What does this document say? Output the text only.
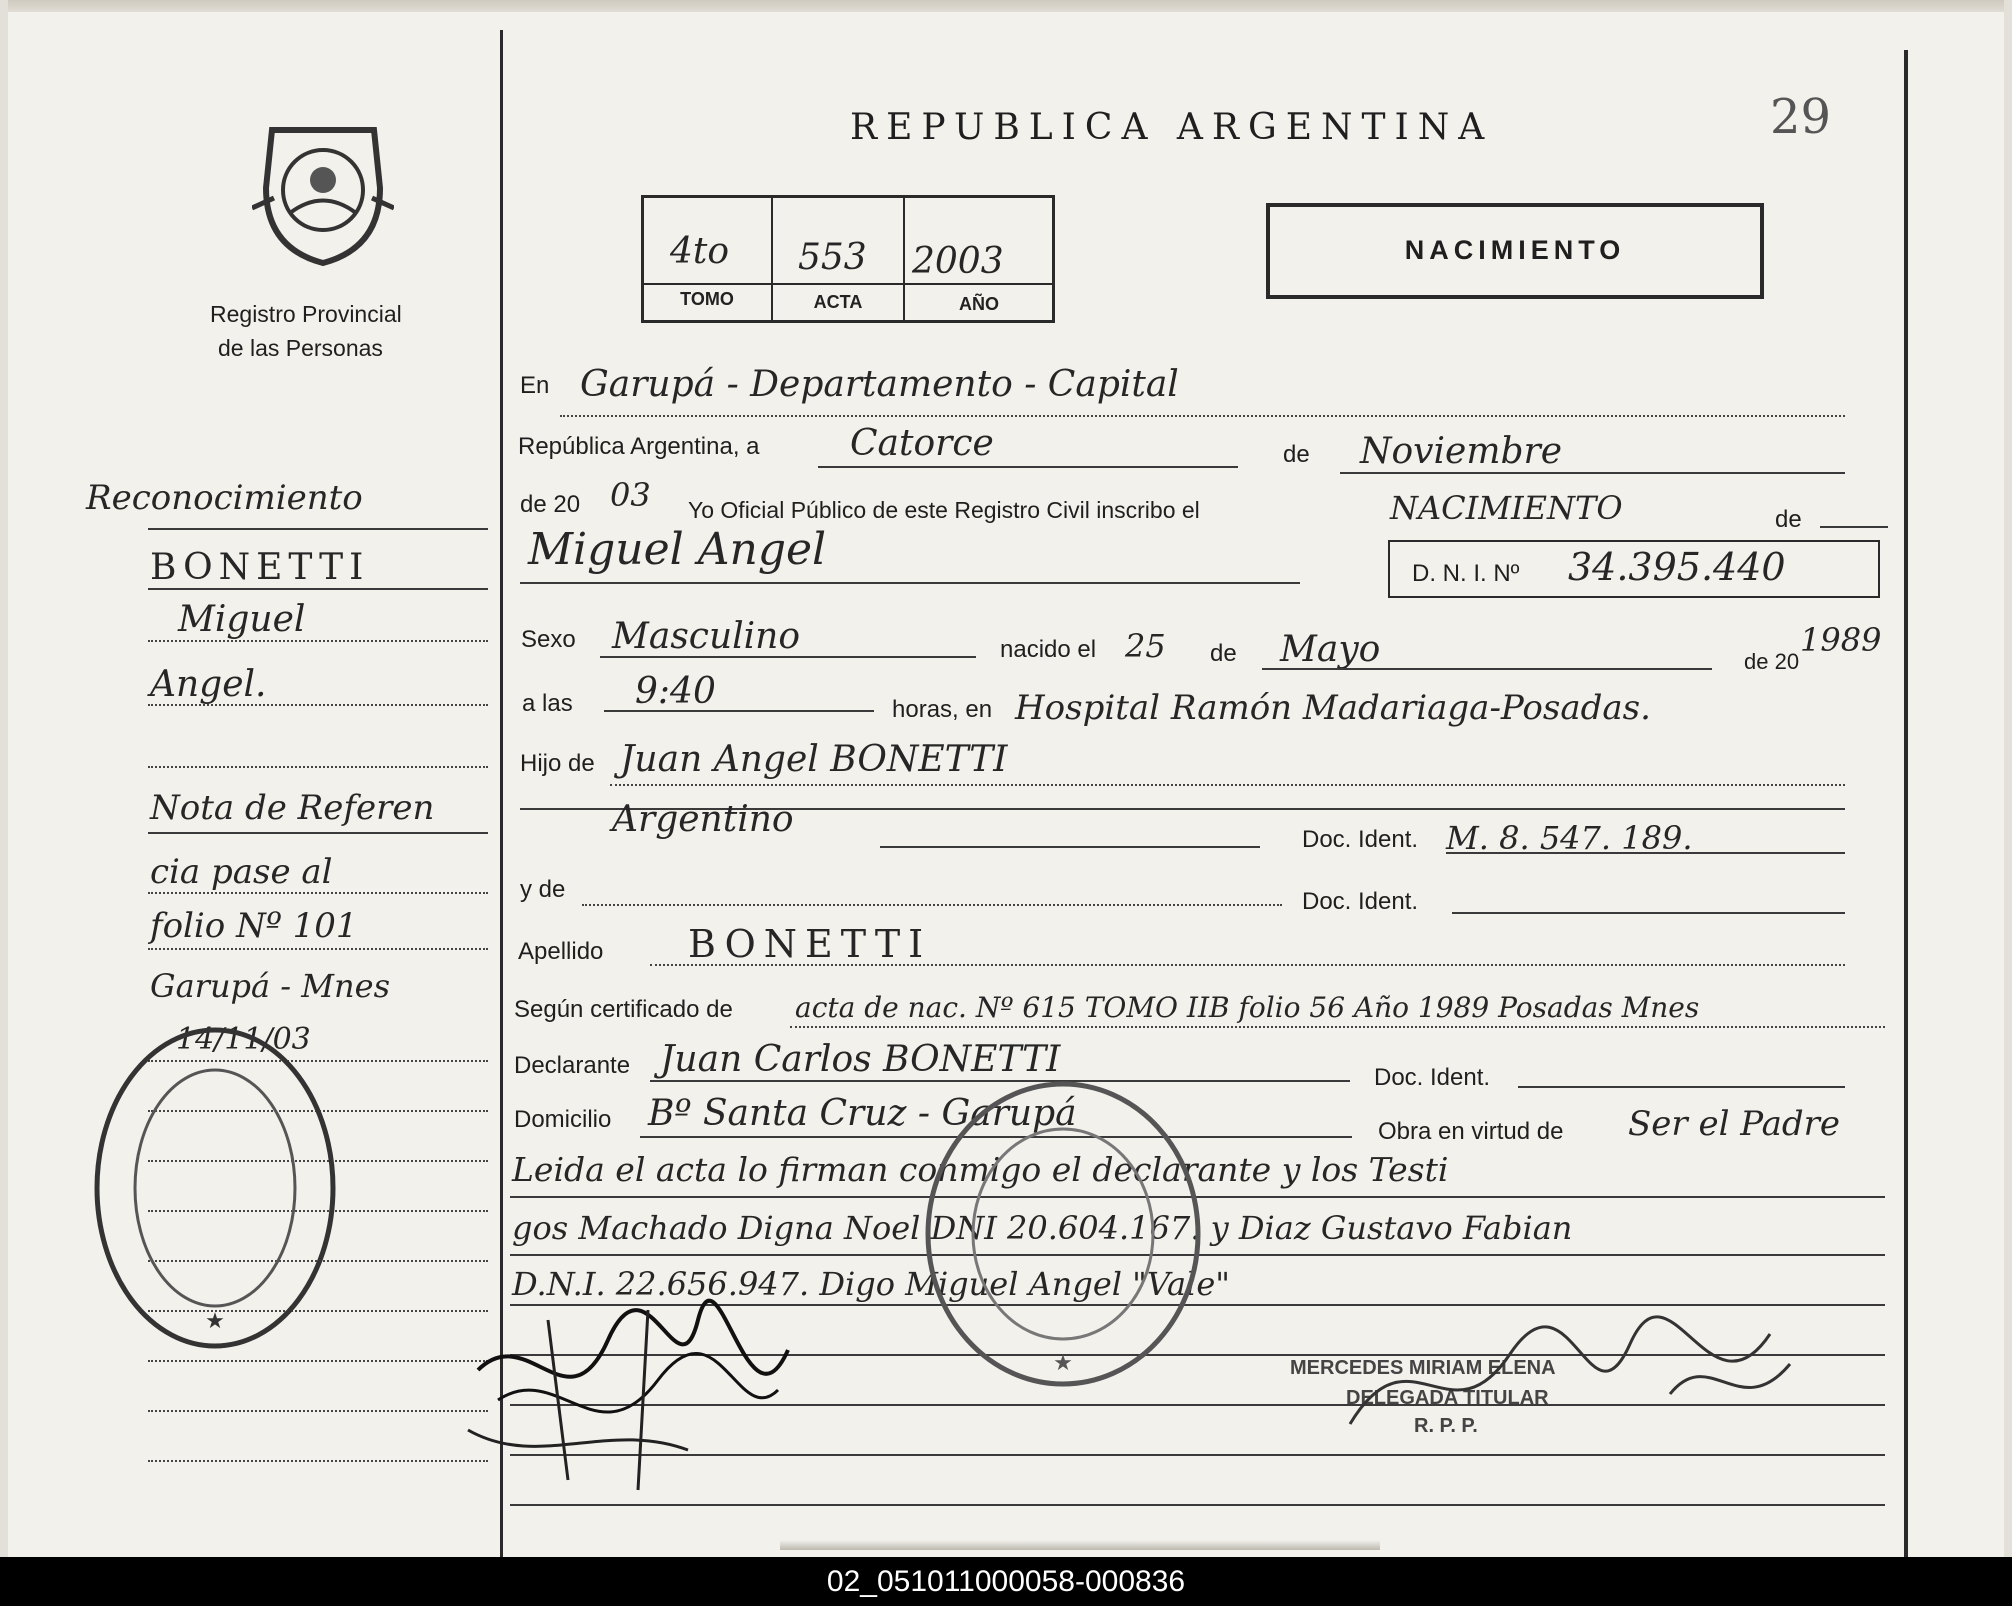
Registro Provincial
de las Personas
REPUBLICA ARGENTINA	29
4to 553 2003
TOMO	ACTA	AÑO
NACIMIENTO
En Garupá - Departamento - Capital
República Argentina, a	Catorce	de Noviembre
de 20 03 Yo Oficial Público de este Registro Civil inscribo el	NACIMIENTO	de
Miguel Angel	D. N. I. Nº 34.395.440
Sexo Masculino	nacido el 25 de Mayo	de 20
1989
a las 9:40	horas, en Hospital Ramón Madariaga-Posadas.
Hijo de Juan Angel BONETTI
Argentino	Doc. Ident. M. 8. 547. 189.
y de	Doc. Ident.
Apellido BONETTI
Según certificado de acta de nac. Nº 615 TOMO IIB folio 56 Año 1989 Posadas Mnes
Declarante Juan Carlos BONETTI	Doc. Ident.
Domicilio Bº Santa Cruz - Garupá	Obra en virtud de Ser el Padre
Leida el acta lo firman conmigo el declarante y los Testi
gos Machado Digna Noel DNI 20.604.167. y Diaz Gustavo Fabian
D.N.I. 22.656.947. Digo Miguel Angel "Vale"
Reconocimiento
BONETTI
Miguel
Angel.
Nota de Referen
cia pase al
folio Nº 101
Garupá - Mnes
14/11/03
★
★	MERCEDES MIRIAM ELENA
DELEGADA TITULAR
R. P. P.
02_051011000058-000836
